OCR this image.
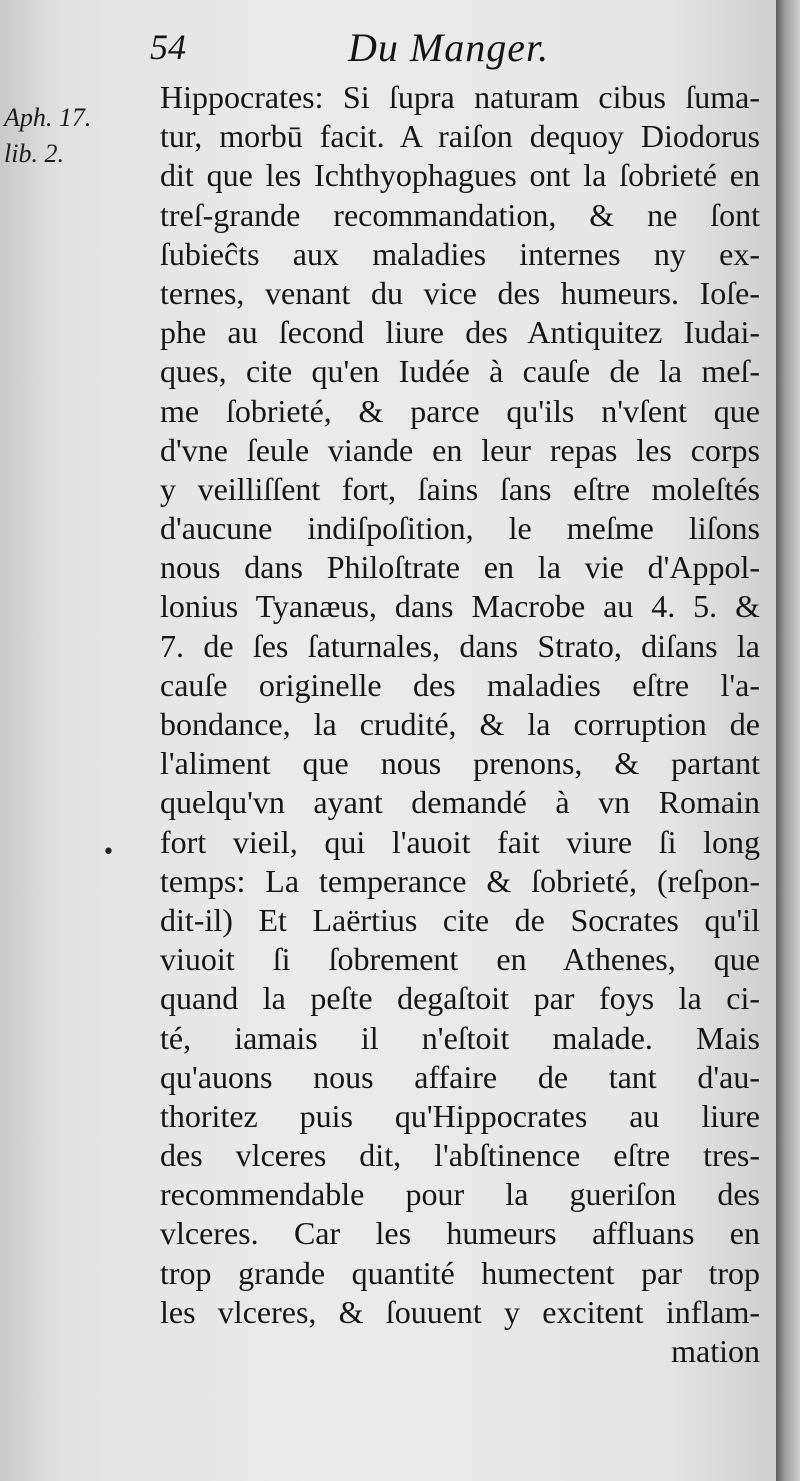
54	Du Manger.
Aph. 17.
lib. 2.
•
Hippocrates: Si ſupra naturam cibus ſuma-
tur, morbū facit. A raiſon dequoy Diodorus
dit que les Ichthyophagues ont la ſobrieté en
treſ-grande recommandation, & ne ſont
ſubieĉts aux maladies internes ny ex-
ternes, venant du vice des humeurs. Ioſe-
phe au ſecond liure des Antiquitez Iudai-
ques, cite qu'en Iudée à cauſe de la meſ-
me ſobrieté, & parce qu'ils n'vſent que
d'vne ſeule viande en leur repas les corps
y veilliſſent fort, ſains ſans eſtre moleſtés
d'aucune indiſpoſition, le meſme liſons
nous dans Philoſtrate en la vie d'Appol-
lonius Tyanæus, dans Macrobe au 4. 5. &
7. de ſes ſaturnales, dans Strato, diſans la
cauſe originelle des maladies eſtre l'a-
bondance, la crudité, & la corruption de
l'aliment que nous prenons, & partant
quelqu'vn ayant demandé à vn Romain
fort vieil, qui l'auoit fait viure ſi long
temps: La temperance & ſobrieté, (reſpon-
dit-il) Et Laërtius cite de Socrates qu'il
viuoit ſi ſobrement en Athenes, que
quand la peſte degaſtoit par foys la ci-
té, iamais il n'eſtoit malade. Mais
qu'auons nous affaire de tant d'au-
thoritez puis qu'Hippocrates au liure
des vlceres dit, l'abſtinence eſtre tres-
recommendable pour la gueriſon des
vlceres. Car les humeurs affluans en
trop grande quantité humectent par trop
les vlceres, & ſouuent y excitent inflam-
mation
